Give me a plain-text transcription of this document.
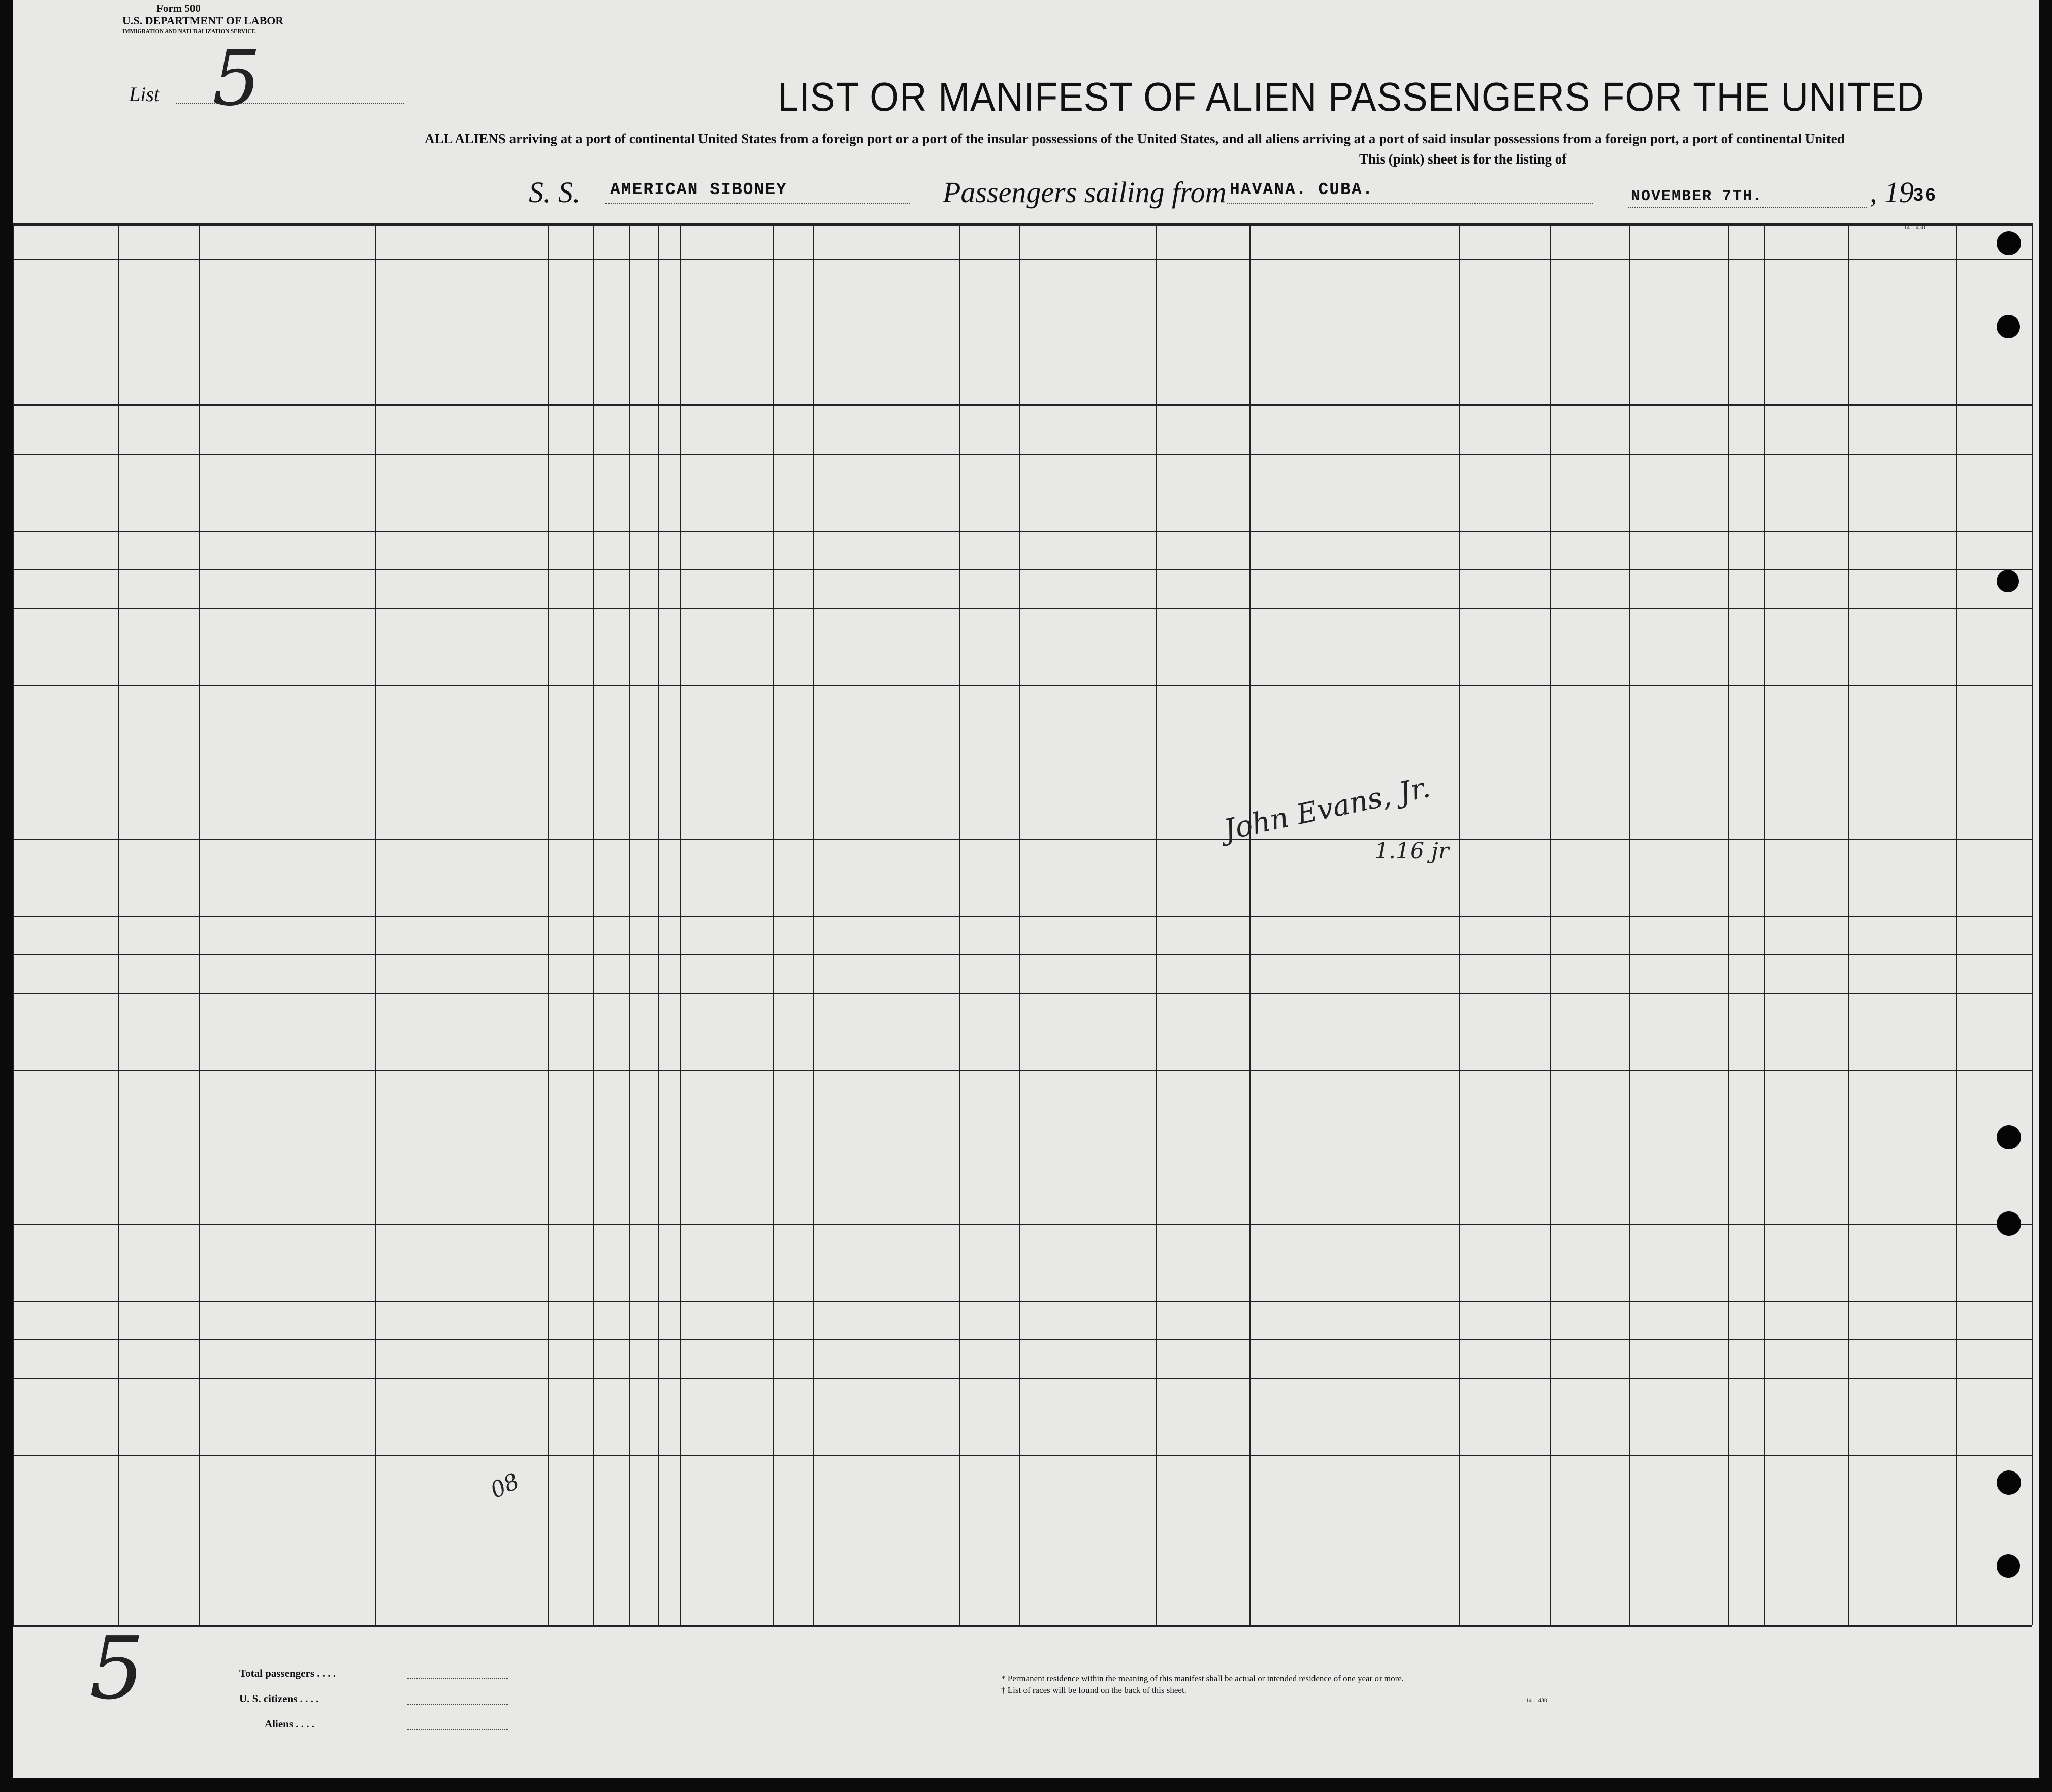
Form 500
U.S. DEPARTMENT OF LABOR
IMMIGRATION AND NATURALIZATION SERVICE
List 5	LIST OR MANIFEST OF ALIEN PASSENGERS FOR THE UNITED
ALL ALIENS arriving at a port of continental United States from a foreign port or a port of the insular possessions of the United States, and all aliens arriving at a port of said insular possessions from a foreign port, a port of continental United
This (pink) sheet is for the listing of
S. S. AMERICAN SIBONEY	Passengers sailing from HAVANA. CUBA.	NOVEMBER 7TH.	, 19
36
14—430
5	Total passengers . . . .
U. S. citizens . . . .
Aliens . . . .
* Permanent residence within the meaning of this manifest shall be actual or intended residence of one year or more.
† List of races will be found on the back of this sheet.
14—430
John Evans, Jr.
1.16 jr
08
